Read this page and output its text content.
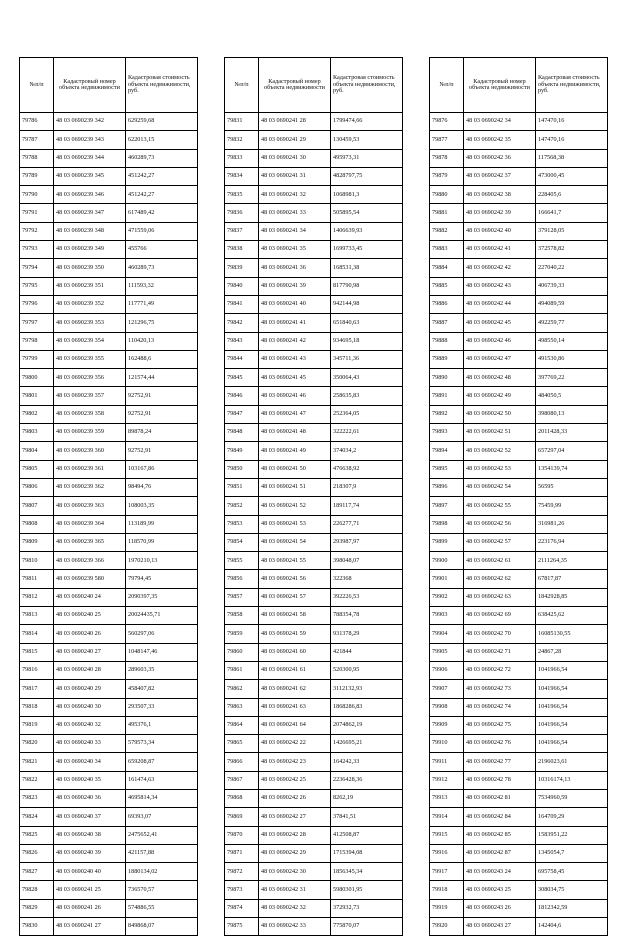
№п/п	Кадастровый номер объекта недвижимости	Кадастровая стоимость объекта недвижимости, руб.
79786	48 03 0690239 342	629259,68
79787	48 03 0690239 343	622013,15
79788	48 03 0690239 344	460289,73
79789	48 03 0690239 345	451242,27
79790	48 03 0690239 346	451242,27
79791	48 03 0690239 347	617489,42
79792	48 03 0690239 348	471559,06
79793	48 03 0690239 349	455766
79794	48 03 0690239 350	460289,73
79795	48 03 0690239 351	111593,32
79796	48 03 0690239 352	117771,49
79797	48 03 0690239 353	121296,75
79798	48 03 0690239 354	110420,13
79799	48 03 0690239 355	162488,6
79800	48 03 0690239 356	121574,44
79801	48 03 0690239 357	92752,91
79802	48 03 0690239 358	92752,91
79803	48 03 0690239 359	89878,24
79804	48 03 0690239 360	92752,91
79805	48 03 0690239 361	103167,86
79806	48 03 0690239 362	98494,76
79807	48 03 0690239 363	108003,35
79808	48 03 0690239 364	113189,99
79809	48 03 0690239 365	118570,99
79810	48 03 0690239 366	1970210,13
79811	48 03 0690239 580	79794,45
79812	48 03 0690240 24	2090397,35
79813	48 03 0690240 25	20024435,71
79814	48 03 0690240 26	560297,06
79815	48 03 0690240 27	1048147,46
79816	48 03 0690240 28	289603,35
79817	48 03 0690240 29	458407,82
79818	48 03 0690240 30	293507,33
79819	48 03 0690240 32	495376,1
79820	48 03 0690240 33	579573,34
79821	48 03 0690240 34	659208,87
79822	48 03 0690240 35	161474,63
79823	48 03 0690240 36	4695814,34
79824	48 03 0690240 37	69393,07
79825	48 03 0690240 38	2475652,41
79826	48 03 0690240 39	421157,88
79827	48 03 0690240 40	1880134,02
79828	48 03 0690241 25	736570,57
79829	48 03 0690241 26	574886,55
79830	48 03 0690241 27	849868,07
№п/п	Кадастровый номер объекта недвижимости	Кадастровая стоимость объекта недвижимости, руб.
79831	48 03 0690241 28	1799474,66
79832	48 03 0690241 29	130459,53
79833	48 03 0690241 30	495973,31
79834	48 03 0690241 31	4828797,75
79835	48 03 0690241 32	1068981,3
79836	48 03 0690241 33	505895,54
79837	48 03 0690241 34	1406639,93
79838	48 03 0690241 35	1699733,45
79839	48 03 0690241 36	168531,38
79840	48 03 0690241 39	817790,98
79841	48 03 0690241 40	942144,98
79842	48 03 0690241 41	651840,63
79843	48 03 0690241 42	934695,18
79844	48 03 0690241 43	345711,36
79845	48 03 0690241 45	350064,43
79846	48 03 0690241 46	258635,83
79847	48 03 0690241 47	252364,05
79848	48 03 0690241 48	322222,61
79849	48 03 0690241 49	374034,2
79850	48 03 0690241 50	476638,92
79851	48 03 0690241 51	218307,9
79852	48 03 0690241 52	189117,74
79853	48 03 0690241 53	226277,71
79854	48 03 0690241 54	293987,97
79855	48 03 0690241 55	398048,07
79856	48 03 0690241 56	322368
79857	48 03 0690241 57	392226,53
79858	48 03 0690241 58	788354,78
79859	48 03 0690241 59	931378,29
79860	48 03 0690241 60	421844
79861	48 03 0690241 61	520300,95
79862	48 03 0690241 62	3112132,93
79863	48 03 0690241 63	1868286,83
79864	48 03 0690241 64	2074862,19
79865	48 03 0690242 22	1426695,21
79866	48 03 0690242 23	164242,33
79867	48 03 0690242 25	2236428,36
79868	48 03 0690242 26	8262,19
79869	48 03 0690242 27	37841,51
79870	48 03 0690242 28	412508,87
79871	48 03 0690242 29	1715394,08
79872	48 03 0690242 30	1856345,34
79873	48 03 0690242 31	5980301,95
79874	48 03 0690242 32	372932,73
79875	48 03 0690242 33	775870,07
№п/п	Кадастровый номер объекта недвижимости	Кадастровая стоимость объекта недвижимости, руб.
79876	48 03 0690242 34	147470,16
79877	48 03 0690242 35	147470,16
79878	48 03 0690242 36	117568,38
79879	48 03 0690242 37	473000,45
79880	48 03 0690242 38	228405,6
79881	48 03 0690242 39	166641,7
79882	48 03 0690242 40	379128,05
79883	48 03 0690242 41	372578,82
79884	48 03 0690242 42	227040,22
79885	48 03 0690242 43	406739,33
79886	48 03 0690242 44	494089,59
79887	48 03 0690242 45	492259,77
79888	48 03 0690242 46	498550,14
79889	48 03 0690242 47	491530,86
79890	48 03 0690242 48	397769,22
79891	48 03 0690242 49	484050,5
79892	48 03 0690242 50	398080,13
79893	48 03 0690242 51	2011428,33
79894	48 03 0690242 52	657297,04
79895	48 03 0690242 53	1354139,74
79896	48 03 0690242 54	56595
79897	48 03 0690242 55	75459,99
79898	48 03 0690242 56	316981,26
79899	48 03 0690242 57	223176,94
79900	48 03 0690242 61	2111264,35
79901	48 03 0690242 62	67817,87
79902	48 03 0690242 63	1842928,85
79903	48 03 0690242 69	638425,62
79904	48 03 0690242 70	16085130,55
79905	48 03 0690242 71	24867,28
79906	48 03 0690242 72	1041966,54
79907	48 03 0690242 73	1041966,54
79908	48 03 0690242 74	1041966,54
79909	48 03 0690242 75	1041966,54
79910	48 03 0690242 76	1041966,54
79911	48 03 0690242 77	2196023,61
79912	48 03 0690242 78	10316174,13
79913	48 03 0690242 81	7534960,59
79914	48 03 0690242 84	164709,29
79915	48 03 0690242 85	1583951,22
79916	48 03 0690242 87	1345054,7
79917	48 03 0690243 24	695758,45
79918	48 03 0690243 25	308034,75
79919	48 03 0690243 26	1812342,59
79920	48 03 0690243 27	142404,6
